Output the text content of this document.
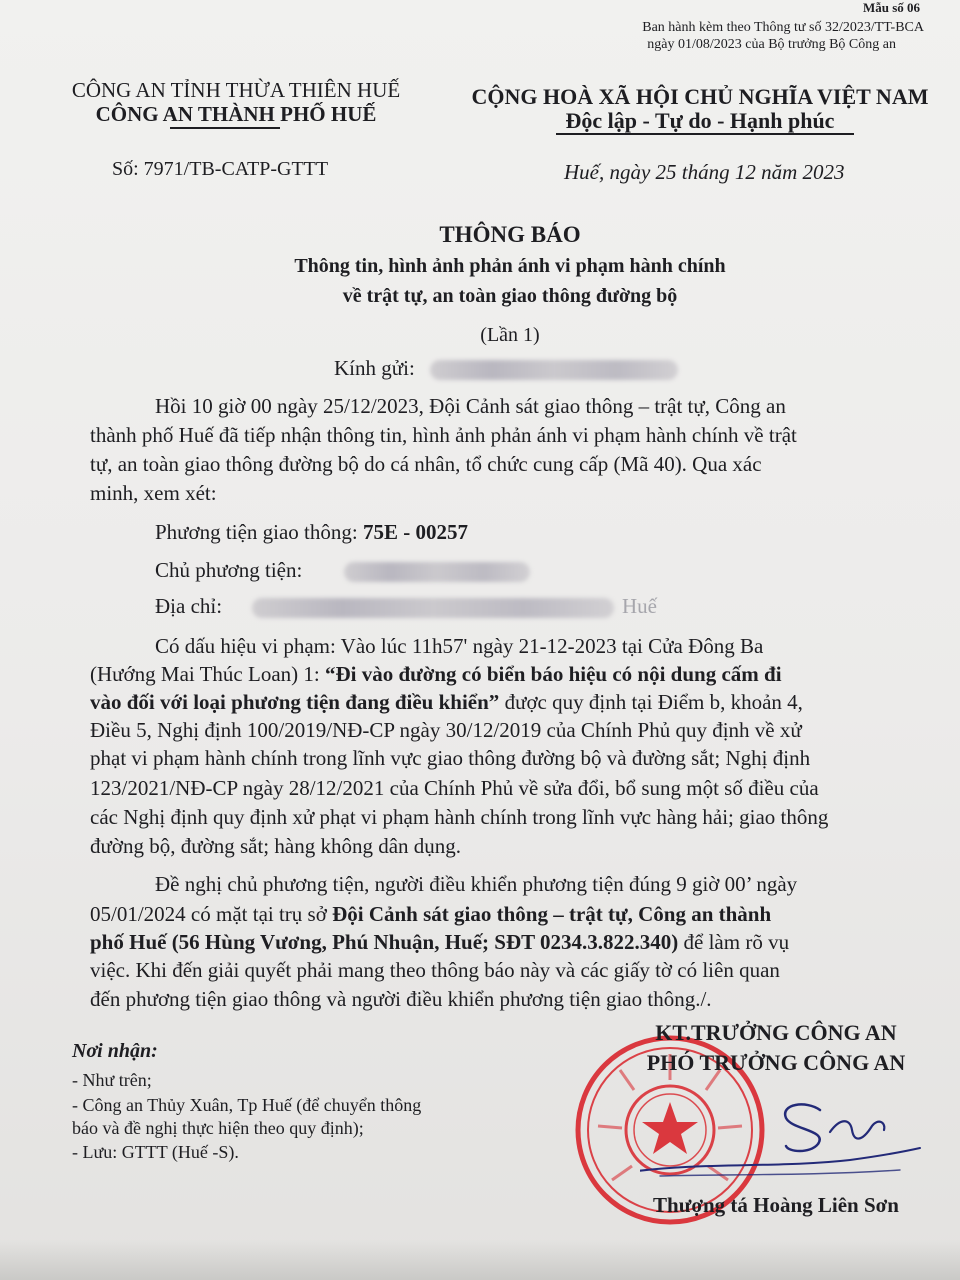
Mẫu số 06
Ban hành kèm theo Thông tư số 32/2023/TT-BCA
ngày 01/08/2023 của Bộ trưởng Bộ Công an
CÔNG AN TỈNH THỪA THIÊN HUẾ
CÔNG AN THÀNH PHỐ HUẾ
Số: 7971/TB-CATP-GTTT
CỘNG HOÀ XÃ HỘI CHỦ NGHĨA VIỆT NAM
Độc lập - Tự do - Hạnh phúc
Huế, ngày 25 tháng 12 năm 2023
THÔNG BÁO
Thông tin, hình ảnh phản ánh vi phạm hành chính
về trật tự, an toàn giao thông đường bộ
(Lần 1)
Kính gửi:
Hồi 10 giờ 00 ngày 25/12/2023, Đội Cảnh sát giao thông – trật tự, Công an
thành phố Huế đã tiếp nhận thông tin, hình ảnh phản ánh vi phạm hành chính về trật
tự, an toàn giao thông đường bộ do cá nhân, tổ chức cung cấp (Mã 40). Qua xác
minh, xem xét:
Phương tiện giao thông: 75E - 00257
Chủ phương tiện:
Địa chỉ:	Huế
Có dấu hiệu vi phạm: Vào lúc 11h57' ngày 21-12-2023 tại Cửa Đông Ba
(Hướng Mai Thúc Loan) 1: “Đi vào đường có biển báo hiệu có nội dung cấm đi
vào đối với loại phương tiện đang điều khiển” được quy định tại Điểm b, khoản 4,
Điều 5, Nghị định 100/2019/NĐ-CP ngày 30/12/2019 của Chính Phủ quy định về xử
phạt vi phạm hành chính trong lĩnh vực giao thông đường bộ và đường sắt; Nghị định
123/2021/NĐ-CP ngày 28/12/2021 của Chính Phủ về sửa đổi, bổ sung một số điều của
các Nghị định quy định xử phạt vi phạm hành chính trong lĩnh vực hàng hải; giao thông
đường bộ, đường sắt; hàng không dân dụng.
Đề nghị chủ phương tiện, người điều khiển phương tiện đúng 9 giờ 00’ ngày
05/01/2024 có mặt tại trụ sở Đội Cảnh sát giao thông – trật tự, Công an thành
phố Huế (56 Hùng Vương, Phú Nhuận, Huế; SĐT 0234.3.822.340) để làm rõ vụ
việc. Khi đến giải quyết phải mang theo thông báo này và các giấy tờ có liên quan
đến phương tiện giao thông và người điều khiển phương tiện giao thông./.
Nơi nhận:
- Như trên;
- Công an Thủy Xuân, Tp Huế (để chuyển thông
báo và đề nghị thực hiện theo quy định);
- Lưu: GTTT (Huế -S).
KT.TRƯỞNG CÔNG AN
PHÓ TRƯỞNG CÔNG AN
Thượng tá Hoàng Liên Sơn
